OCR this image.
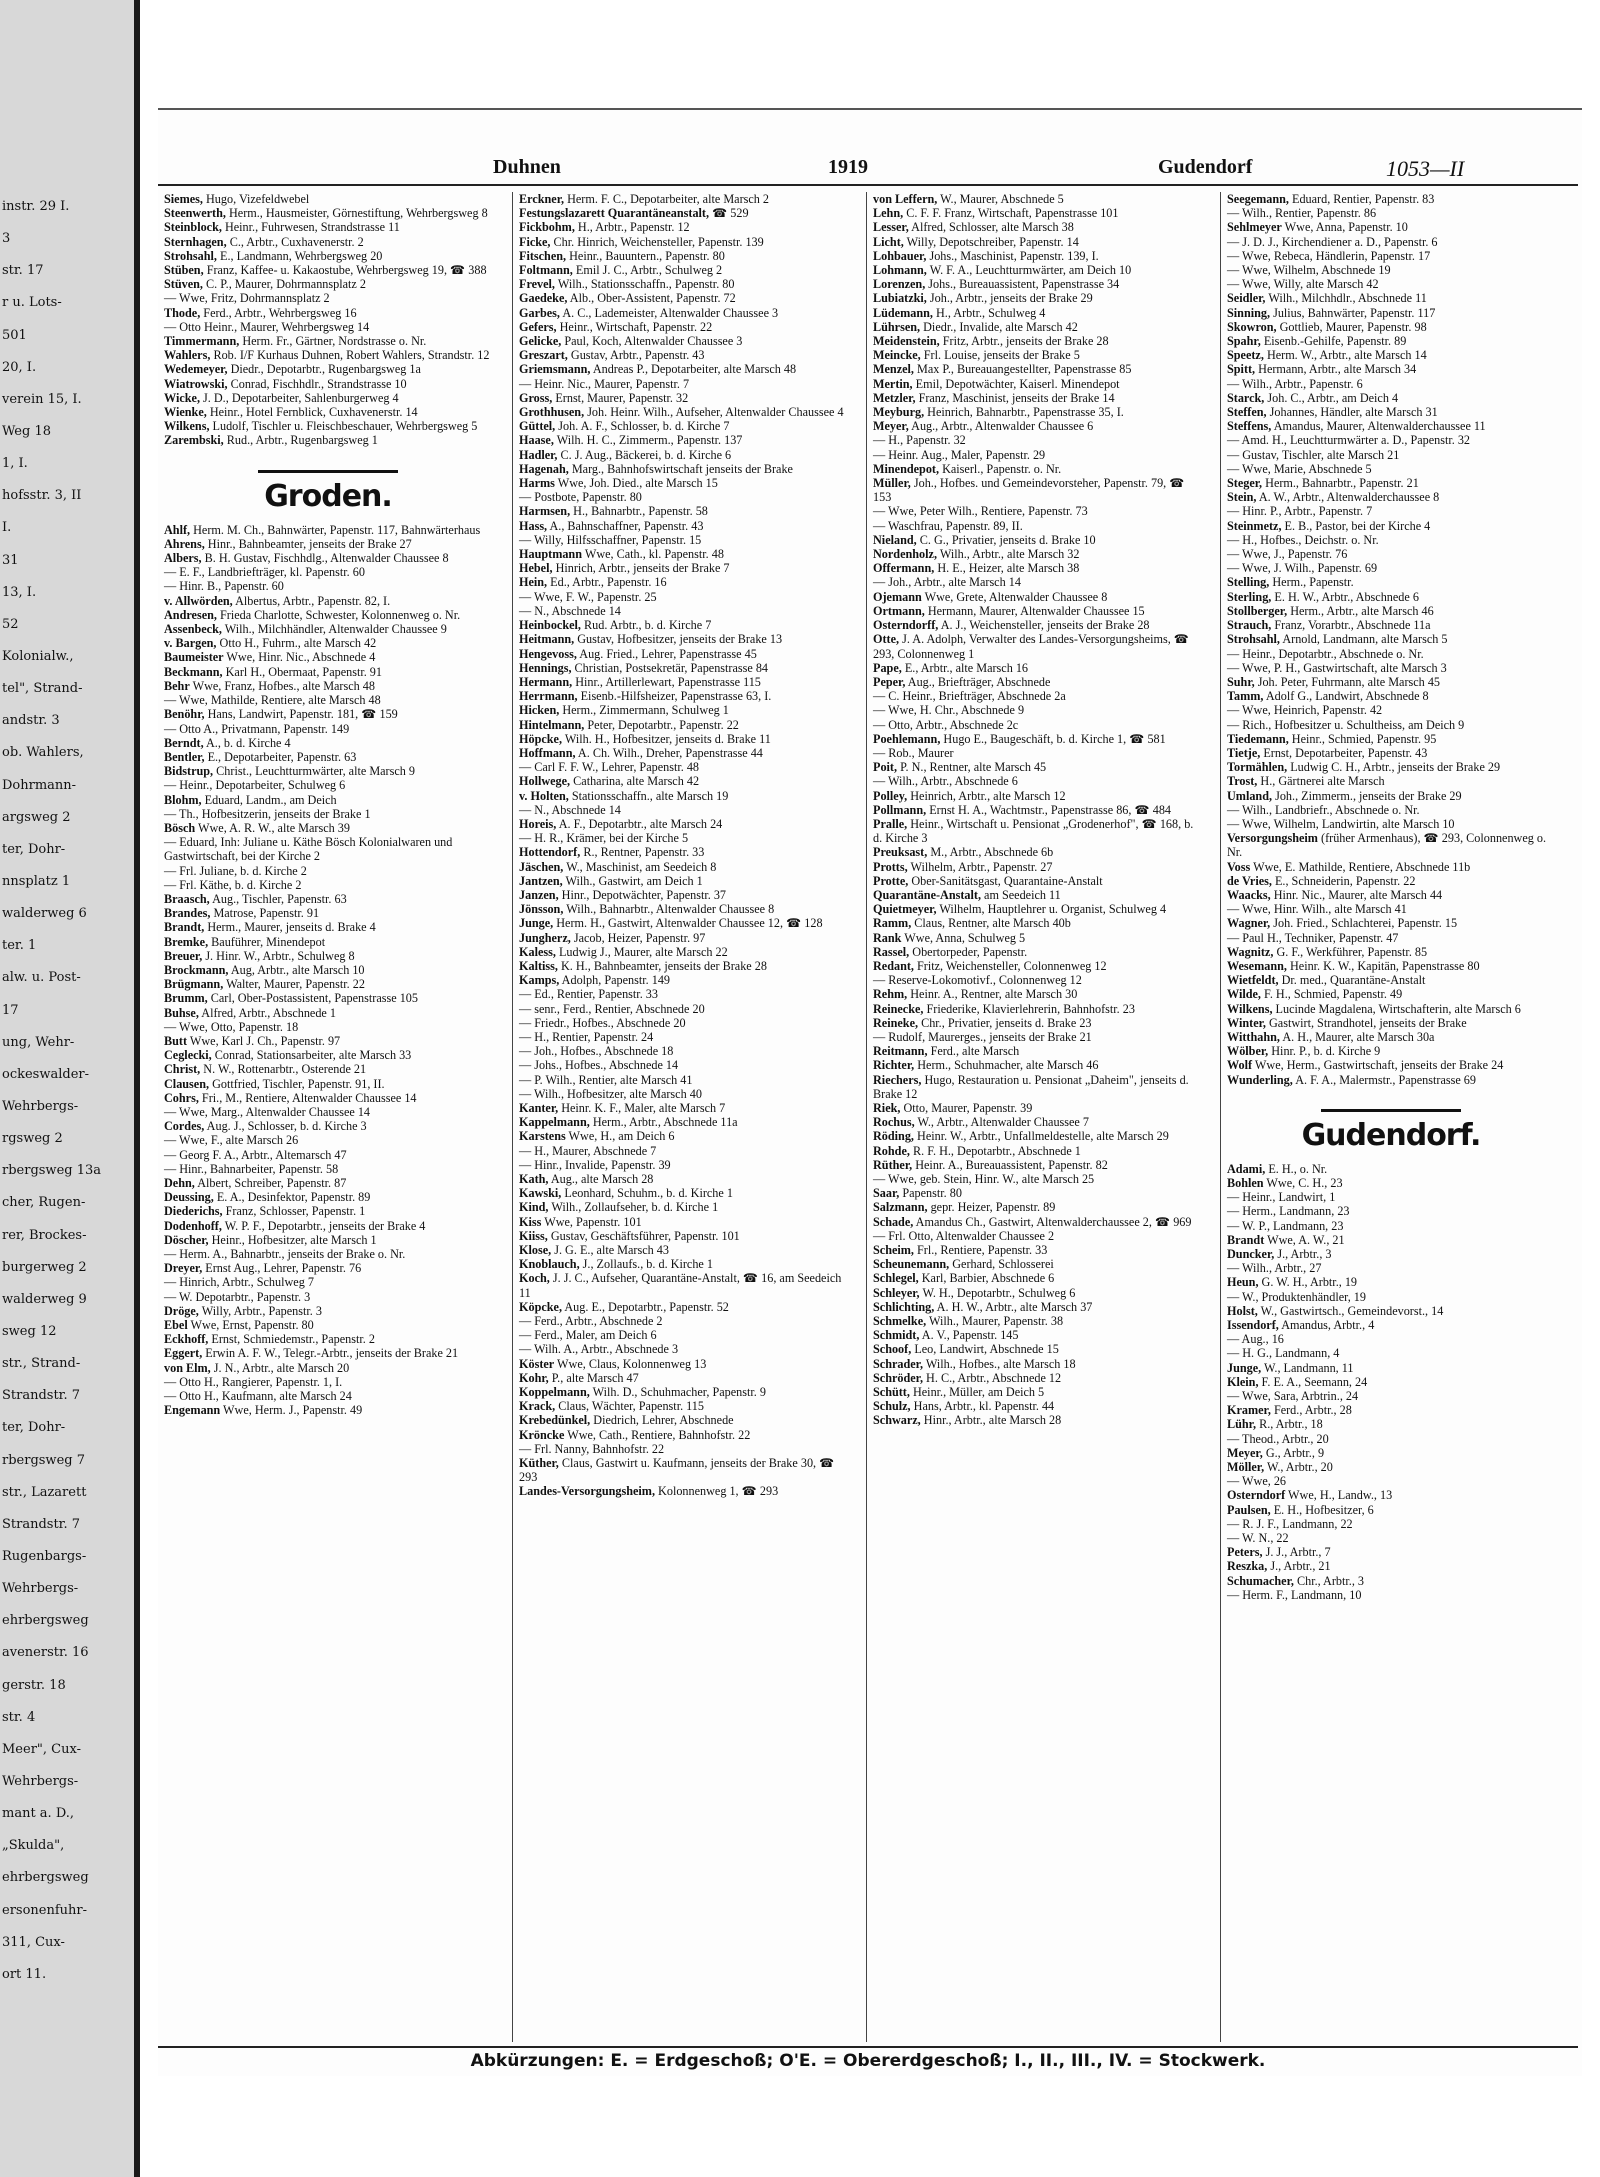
instr. 29 I.
3
str. 17
r u. Lots-
501
20, I.
verein 15, I.
Weg 18
1, I.
hofsstr. 3, II
I.
31
13, I.
52
Kolonialw.,
tel", Strand-
andstr. 3
ob. Wahlers,
Dohrmann-
argsweg 2
ter, Dohr-
nnsplatz 1
walderweg 6
ter. 1
alw. u. Post-
17
ung, Wehr-
ockeswalder-
Wehrbergs-
rgsweg 2
rbergsweg 13a
cher, Rugen-
rer, Brockes-
burgerweg 2
walderweg 9
sweg 12
str., Strand-
Strandstr. 7
ter, Dohr-
rbergsweg 7
str., Lazarett
Strandstr. 7
Rugenbargs-
Wehrbergs-
ehrbergsweg
avenerstr. 16
gerstr. 18
str. 4
Meer", Cux-
Wehrbergs-
mant a. D.,
„Skulda",
ehrbergsweg
ersonenfuhr-
311, Cux-
ort 11.
Duhnen	1919	Gudendorf	1053—II
Siemes, Hugo, Vizefeldwebel
Steenwerth, Herm., Hausmeister, Görnestiftung, Wehrbergsweg 8
Steinblock, Heinr., Fuhrwesen, Strandstrasse 11
Sternhagen, C., Arbtr., Cuxhavenerstr. 2
Strohsahl, E., Landmann, Wehrbergsweg 20
Stüben, Franz, Kaffee- u. Kakaostube, Wehrbergsweg 19, ☎ 388
Stüven, C. P., Maurer, Dohrmannsplatz 2
— Wwe, Fritz, Dohrmannsplatz 2
Thode, Ferd., Arbtr., Wehrbergsweg 16
— Otto Heinr., Maurer, Wehrbergsweg 14
Timmermann, Herm. Fr., Gärtner, Nordstrasse o. Nr.
Wahlers, Rob. I/F Kurhaus Duhnen, Robert Wahlers, Strandstr. 12
Wedemeyer, Diedr., Depotarbtr., Rugenbargsweg 1a
Wiatrowski, Conrad, Fischhdlr., Strandstrasse 10
Wicke, J. D., Depotarbeiter, Sahlenburgerweg 4
Wienke, Heinr., Hotel Fernblick, Cuxhavenerstr. 14
Wilkens, Ludolf, Tischler u. Fleischbeschauer, Wehrbergsweg 5
Zarembski, Rud., Arbtr., Rugenbargsweg 1
Groden.
Ahlf, Herm. M. Ch., Bahnwärter, Papenstr. 117, Bahnwärterhaus
Ahrens, Hinr., Bahnbeamter, jenseits der Brake 27
Albers, B. H. Gustav, Fischhdlg., Altenwalder Chaussee 8
— E. F., Landbriefträger, kl. Papenstr. 60
— Hinr. B., Papenstr. 60
v. Allwörden, Albertus, Arbtr., Papenstr. 82, I.
Andresen, Frieda Charlotte, Schwester, Kolonnenweg o. Nr.
Assenbeck, Wilh., Milchhändler, Altenwalder Chaussee 9
v. Bargen, Otto H., Fuhrm., alte Marsch 42
Baumeister Wwe, Hinr. Nic., Abschnede 4
Beckmann, Karl H., Obermaat, Papenstr. 91
Behr Wwe, Franz, Hofbes., alte Marsch 48
— Wwe, Mathilde, Rentiere, alte Marsch 48
Benöhr, Hans, Landwirt, Papenstr. 181, ☎ 159
— Otto A., Privatmann, Papenstr. 149
Berndt, A., b. d. Kirche 4
Bentler, E., Depotarbeiter, Papenstr. 63
Bidstrup, Christ., Leuchtturmwärter, alte Marsch 9
— Heinr., Depotarbeiter, Schulweg 6
Blohm, Eduard, Landm., am Deich
— Th., Hofbesitzerin, jenseits der Brake 1
Bösch Wwe, A. R. W., alte Marsch 39
— Eduard, Inh: Juliane u. Käthe Bösch Kolonialwaren und Gastwirtschaft, bei der Kirche 2
— Frl. Juliane, b. d. Kirche 2
— Frl. Käthe, b. d. Kirche 2
Braasch, Aug., Tischler, Papenstr. 63
Brandes, Matrose, Papenstr. 91
Brandt, Herm., Maurer, jenseits d. Brake 4
Bremke, Bauführer, Minendepot
Breuer, J. Hinr. W., Arbtr., Schulweg 8
Brockmann, Aug, Arbtr., alte Marsch 10
Brügmann, Walter, Maurer, Papenstr. 22
Brumm, Carl, Ober-Postassistent, Papenstrasse 105
Buhse, Alfred, Arbtr., Abschnede 1
— Wwe, Otto, Papenstr. 18
Butt Wwe, Karl J. Ch., Papenstr. 97
Ceglecki, Conrad, Stationsarbeiter, alte Marsch 33
Christ, N. W., Rottenarbtr., Osterende 21
Clausen, Gottfried, Tischler, Papenstr. 91, II.
Cohrs, Fri., M., Rentiere, Altenwalder Chaussee 14
— Wwe, Marg., Altenwalder Chaussee 14
Cordes, Aug. J., Schlosser, b. d. Kirche 3
— Wwe, F., alte Marsch 26
— Georg F. A., Arbtr., Altemarsch 47
— Hinr., Bahnarbeiter, Papenstr. 58
Dehn, Albert, Schreiber, Papenstr. 87
Deussing, E. A., Desinfektor, Papenstr. 89
Diederichs, Franz, Schlosser, Papenstr. 1
Dodenhoff, W. P. F., Depotarbtr., jenseits der Brake 4
Döscher, Heinr., Hofbesitzer, alte Marsch 1
— Herm. A., Bahnarbtr., jenseits der Brake o. Nr.
Dreyer, Ernst Aug., Lehrer, Papenstr. 76
— Hinrich, Arbtr., Schulweg 7
— W. Depotarbtr., Papenstr. 3
Dröge, Willy, Arbtr., Papenstr. 3
Ebel Wwe, Ernst, Papenstr. 80
Eckhoff, Ernst, Schmiedemstr., Papenstr. 2
Eggert, Erwin A. F. W., Telegr.-Arbtr., jenseits der Brake 21
von Elm, J. N., Arbtr., alte Marsch 20
— Otto H., Rangierer, Papenstr. 1, I.
— Otto H., Kaufmann, alte Marsch 24
Engemann Wwe, Herm. J., Papenstr. 49
Erckner, Herm. F. C., Depotarbeiter, alte Marsch 2
Festungslazarett Quarantäneanstalt, ☎ 529
Fickbohm, H., Arbtr., Papenstr. 12
Ficke, Chr. Hinrich, Weichensteller, Papenstr. 139
Fitschen, Heinr., Bauuntern., Papenstr. 80
Foltmann, Emil J. C., Arbtr., Schulweg 2
Frevel, Wilh., Stationsschaffn., Papenstr. 80
Gaedeke, Alb., Ober-Assistent, Papenstr. 72
Garbes, A. C., Lademeister, Altenwalder Chaussee 3
Gefers, Heinr., Wirtschaft, Papenstr. 22
Gelicke, Paul, Koch, Altenwalder Chaussee 3
Greszart, Gustav, Arbtr., Papenstr. 43
Griemsmann, Andreas P., Depotarbeiter, alte Marsch 48
— Heinr. Nic., Maurer, Papenstr. 7
Gross, Ernst, Maurer, Papenstr. 32
Grothhusen, Joh. Heinr. Wilh., Aufseher, Altenwalder Chaussee 4
Güttel, Joh. A. F., Schlosser, b. d. Kirche 7
Haase, Wilh. H. C., Zimmerm., Papenstr. 137
Hadler, C. J. Aug., Bäckerei, b. d. Kirche 6
Hagenah, Marg., Bahnhofswirtschaft jenseits der Brake
Harms Wwe, Joh. Died., alte Marsch 15
— Postbote, Papenstr. 80
Harmsen, H., Bahnarbtr., Papenstr. 58
Hass, A., Bahnschaffner, Papenstr. 43
— Willy, Hilfsschaffner, Papenstr. 15
Hauptmann Wwe, Cath., kl. Papenstr. 48
Hebel, Hinrich, Arbtr., jenseits der Brake 7
Hein, Ed., Arbtr., Papenstr. 16
— Wwe, F. W., Papenstr. 25
— N., Abschnede 14
Heinbockel, Rud. Arbtr., b. d. Kirche 7
Heitmann, Gustav, Hofbesitzer, jenseits der Brake 13
Hengevoss, Aug. Fried., Lehrer, Papenstrasse 45
Hennings, Christian, Postsekretär, Papenstrasse 84
Hermann, Hinr., Artillerlewart, Papenstrasse 115
Herrmann, Eisenb.-Hilfsheizer, Papenstrasse 63, I.
Hicken, Herm., Zimmermann, Schulweg 1
Hintelmann, Peter, Depotarbtr., Papenstr. 22
Höpcke, Wilh. H., Hofbesitzer, jenseits d. Brake 11
Hoffmann, A. Ch. Wilh., Dreher, Papenstrasse 44
— Carl F. F. W., Lehrer, Papenstr. 48
Hollwege, Catharina, alte Marsch 42
v. Holten, Stationsschaffn., alte Marsch 19
— N., Abschnede 14
Horeis, A. F., Depotarbtr., alte Marsch 24
— H. R., Krämer, bei der Kirche 5
Hottendorf, R., Rentner, Papenstr. 33
Jäschen, W., Maschinist, am Seedeich 8
Jantzen, Wilh., Gastwirt, am Deich 1
Janzen, Hinr., Depotwächter, Papenstr. 37
Jönsson, Wilh., Bahnarbtr., Altenwalder Chaussee 8
Junge, Herm. H., Gastwirt, Altenwalder Chaussee 12, ☎ 128
Jungherz, Jacob, Heizer, Papenstr. 97
Kaless, Ludwig J., Maurer, alte Marsch 22
Kaltiss, K. H., Bahnbeamter, jenseits der Brake 28
Kamps, Adolph, Papenstr. 149
— Ed., Rentier, Papenstr. 33
— senr., Ferd., Rentier, Abschnede 20
— Friedr., Hofbes., Abschnede 20
— H., Rentier, Papenstr. 24
— Joh., Hofbes., Abschnede 18
— Johs., Hofbes., Abschnede 14
— P. Wilh., Rentier, alte Marsch 41
— Wilh., Hofbesitzer, alte Marsch 40
Kanter, Heinr. K. F., Maler, alte Marsch 7
Kappelmann, Herm., Arbtr., Abschnede 11a
Karstens Wwe, H., am Deich 6
— H., Maurer, Abschnede 7
— Hinr., Invalide, Papenstr. 39
Kath, Aug., alte Marsch 28
Kawski, Leonhard, Schuhm., b. d. Kirche 1
Kind, Wilh., Zollaufseher, b. d. Kirche 1
Kiss Wwe, Papenstr. 101
Kiiss, Gustav, Geschäftsführer, Papenstr. 101
Klose, J. G. E., alte Marsch 43
Knoblauch, J., Zollaufs., b. d. Kirche 1
Koch, J. J. C., Aufseher, Quarantäne-Anstalt, ☎ 16, am Seedeich 11
Köpcke, Aug. E., Depotarbtr., Papenstr. 52
— Ferd., Arbtr., Abschnede 2
— Ferd., Maler, am Deich 6
— Wilh. A., Arbtr., Abschnede 3
Köster Wwe, Claus, Kolonnenweg 13
Kohr, P., alte Marsch 47
Koppelmann, Wilh. D., Schuhmacher, Papenstr. 9
Krack, Claus, Wächter, Papenstr. 115
Krebedünkel, Diedrich, Lehrer, Abschnede
Kröncke Wwe, Cath., Rentiere, Bahnhofstr. 22
— Frl. Nanny, Bahnhofstr. 22
Küther, Claus, Gastwirt u. Kaufmann, jenseits der Brake 30, ☎ 293
Landes-Versorgungsheim, Kolonnenweg 1, ☎ 293
von Leffern, W., Maurer, Abschnede 5
Lehn, C. F. F. Franz, Wirtschaft, Papenstrasse 101
Lesser, Alfred, Schlosser, alte Marsch 38
Licht, Willy, Depotschreiber, Papenstr. 14
Lohbauer, Johs., Maschinist, Papenstr. 139, I.
Lohmann, W. F. A., Leuchtturmwärter, am Deich 10
Lorenzen, Johs., Bureauassistent, Papenstrasse 34
Lubiatzki, Joh., Arbtr., jenseits der Brake 29
Lüdemann, H., Arbtr., Schulweg 4
Lührsen, Diedr., Invalide, alte Marsch 42
Meidenstein, Fritz, Arbtr., jenseits der Brake 28
Meincke, Frl. Louise, jenseits der Brake 5
Menzel, Max P., Bureauangestellter, Papenstrasse 85
Mertin, Emil, Depotwächter, Kaiserl. Minendepot
Metzler, Franz, Maschinist, jenseits der Brake 14
Meyburg, Heinrich, Bahnarbtr., Papenstrasse 35, I.
Meyer, Aug., Arbtr., Altenwalder Chaussee 6
— H., Papenstr. 32
— Heinr. Aug., Maler, Papenstr. 29
Minendepot, Kaiserl., Papenstr. o. Nr.
Müller, Joh., Hofbes. und Gemeindevorsteher, Papenstr. 79, ☎ 153
— Wwe, Peter Wilh., Rentiere, Papenstr. 73
— Waschfrau, Papenstr. 89, II.
Nieland, C. G., Privatier, jenseits d. Brake 10
Nordenholz, Wilh., Arbtr., alte Marsch 32
Offermann, H. E., Heizer, alte Marsch 38
— Joh., Arbtr., alte Marsch 14
Ojemann Wwe, Grete, Altenwalder Chaussee 8
Ortmann, Hermann, Maurer, Altenwalder Chaussee 15
Osterndorff, A. J., Weichensteller, jenseits der Brake 28
Otte, J. A. Adolph, Verwalter des Landes-Versorgungsheims, ☎ 293, Colonnenweg 1
Pape, E., Arbtr., alte Marsch 16
Peper, Aug., Briefträger, Abschnede
— C. Heinr., Briefträger, Abschnede 2a
— Wwe, H. Chr., Abschnede 9
— Otto, Arbtr., Abschnede 2c
Poehlemann, Hugo E., Baugeschäft, b. d. Kirche 1, ☎ 581
— Rob., Maurer
Poit, P. N., Rentner, alte Marsch 45
— Wilh., Arbtr., Abschnede 6
Polley, Heinrich, Arbtr., alte Marsch 12
Pollmann, Ernst H. A., Wachtmstr., Papenstrasse 86, ☎ 484
Pralle, Heinr., Wirtschaft u. Pensionat „Grodenerhof", ☎ 168, b. d. Kirche 3
Preuksast, M., Arbtr., Abschnede 6b
Protts, Wilhelm, Arbtr., Papenstr. 27
Protte, Ober-Sanitätsgast, Quarantaine-Anstalt
Quarantäne-Anstalt, am Seedeich 11
Quietmeyer, Wilhelm, Hauptlehrer u. Organist, Schulweg 4
Ramm, Claus, Rentner, alte Marsch 40b
Rank Wwe, Anna, Schulweg 5
Rassel, Obertorpeder, Papenstr.
Redant, Fritz, Weichensteller, Colonnenweg 12
— Reserve-Lokomotivf., Colonnenweg 12
Rehm, Heinr. A., Rentner, alte Marsch 30
Reinecke, Friederike, Klavierlehrerin, Bahnhofstr. 23
Reineke, Chr., Privatier, jenseits d. Brake 23
— Rudolf, Maurerges., jenseits der Brake 21
Reitmann, Ferd., alte Marsch
Richter, Herm., Schuhmacher, alte Marsch 46
Riechers, Hugo, Restauration u. Pensionat „Daheim", jenseits d. Brake 12
Riek, Otto, Maurer, Papenstr. 39
Rochus, W., Arbtr., Altenwalder Chaussee 7
Röding, Heinr. W., Arbtr., Unfallmeldestelle, alte Marsch 29
Rohde, R. F. H., Depotarbtr., Abschnede 1
Rüther, Heinr. A., Bureauassistent, Papenstr. 82
— Wwe, geb. Stein, Hinr. W., alte Marsch 25
Saar, Papenstr. 80
Salzmann, gepr. Heizer, Papenstr. 89
Schade, Amandus Ch., Gastwirt, Altenwalderchaussee 2, ☎ 969
— Frl. Otto, Altenwalder Chaussee 2
Scheim, Frl., Rentiere, Papenstr. 33
Scheunemann, Gerhard, Schlosserei
Schlegel, Karl, Barbier, Abschnede 6
Schleyer, W. H., Depotarbtr., Schulweg 6
Schlichting, A. H. W., Arbtr., alte Marsch 37
Schmelke, Wilh., Maurer, Papenstr. 38
Schmidt, A. V., Papenstr. 145
Schoof, Leo, Landwirt, Abschnede 15
Schrader, Wilh., Hofbes., alte Marsch 18
Schröder, H. C., Arbtr., Abschnede 12
Schütt, Heinr., Müller, am Deich 5
Schulz, Hans, Arbtr., kl. Papenstr. 44
Schwarz, Hinr., Arbtr., alte Marsch 28
Seegemann, Eduard, Rentier, Papenstr. 83
— Wilh., Rentier, Papenstr. 86
Sehlmeyer Wwe, Anna, Papenstr. 10
— J. D. J., Kirchendiener a. D., Papenstr. 6
— Wwe, Rebeca, Händlerin, Papenstr. 17
— Wwe, Wilhelm, Abschnede 19
— Wwe, Willy, alte Marsch 42
Seidler, Wilh., Milchhdlr., Abschnede 11
Sinning, Julius, Bahnwärter, Papenstr. 117
Skowron, Gottlieb, Maurer, Papenstr. 98
Spahr, Eisenb.-Gehilfe, Papenstr. 89
Speetz, Herm. W., Arbtr., alte Marsch 14
Spitt, Hermann, Arbtr., alte Marsch 34
— Wilh., Arbtr., Papenstr. 6
Starck, Joh. C., Arbtr., am Deich 4
Steffen, Johannes, Händler, alte Marsch 31
Steffens, Amandus, Maurer, Altenwalderchaussee 11
— Amd. H., Leuchtturmwärter a. D., Papenstr. 32
— Gustav, Tischler, alte Marsch 21
— Wwe, Marie, Abschnede 5
Steger, Herm., Bahnarbtr., Papenstr. 21
Stein, A. W., Arbtr., Altenwalderchaussee 8
— Hinr. P., Arbtr., Papenstr. 7
Steinmetz, E. B., Pastor, bei der Kirche 4
— H., Hofbes., Deichstr. o. Nr.
— Wwe, J., Papenstr. 76
— Wwe, J. Wilh., Papenstr. 69
Stelling, Herm., Papenstr.
Sterling, E. H. W., Arbtr., Abschnede 6
Stollberger, Herm., Arbtr., alte Marsch 46
Strauch, Franz, Vorarbtr., Abschnede 11a
Strohsahl, Arnold, Landmann, alte Marsch 5
— Heinr., Depotarbtr., Abschnede o. Nr.
— Wwe, P. H., Gastwirtschaft, alte Marsch 3
Suhr, Joh. Peter, Fuhrmann, alte Marsch 45
Tamm, Adolf G., Landwirt, Abschnede 8
— Wwe, Heinrich, Papenstr. 42
— Rich., Hofbesitzer u. Schultheiss, am Deich 9
Tiedemann, Heinr., Schmied, Papenstr. 95
Tietje, Ernst, Depotarbeiter, Papenstr. 43
Tormählen, Ludwig C. H., Arbtr., jenseits der Brake 29
Trost, H., Gärtnerei alte Marsch
Umland, Joh., Zimmerm., jenseits der Brake 29
— Wilh., Landbriefr., Abschnede o. Nr.
— Wwe, Wilhelm, Landwirtin, alte Marsch 10
Versorgungsheim (früher Armenhaus), ☎ 293, Colonnenweg o. Nr.
Voss Wwe, E. Mathilde, Rentiere, Abschnede 11b
de Vries, E., Schneiderin, Papenstr. 22
Waacks, Hinr. Nic., Maurer, alte Marsch 44
— Wwe, Hinr. Wilh., alte Marsch 41
Wagner, Joh. Fried., Schlachterei, Papenstr. 15
— Paul H., Techniker, Papenstr. 47
Wagnitz, G. F., Werkführer, Papenstr. 85
Wesemann, Heinr. K. W., Kapitän, Papenstrasse 80
Wietfeldt, Dr. med., Quarantäne-Anstalt
Wilde, F. H., Schmied, Papenstr. 49
Wilkens, Lucinde Magdalena, Wirtschafterin, alte Marsch 6
Winter, Gastwirt, Strandhotel, jenseits der Brake
Witthahn, A. H., Maurer, alte Marsch 30a
Wölber, Hinr. P., b. d. Kirche 9
Wolf Wwe, Herm., Gastwirtschaft, jenseits der Brake 24
Wunderling, A. F. A., Malermstr., Papenstrasse 69
Gudendorf.
Adami, E. H., o. Nr.
Bohlen Wwe, C. H., 23
— Heinr., Landwirt, 1
— Herm., Landmann, 23
— W. P., Landmann, 23
Brandt Wwe, A. W., 21
Duncker, J., Arbtr., 3
— Wilh., Arbtr., 27
Heun, G. W. H., Arbtr., 19
— W., Produktenhändler, 19
Holst, W., Gastwirtsch., Gemeindevorst., 14
Issendorf, Amandus, Arbtr., 4
— Aug., 16
— H. G., Landmann, 4
Junge, W., Landmann, 11
Klein, F. E. A., Seemann, 24
— Wwe, Sara, Arbtrin., 24
Kramer, Ferd., Arbtr., 28
Lühr, R., Arbtr., 18
— Theod., Arbtr., 20
Meyer, G., Arbtr., 9
Möller, W., Arbtr., 20
— Wwe, 26
Osterndorf Wwe, H., Landw., 13
Paulsen, E. H., Hofbesitzer, 6
— R. J. F., Landmann, 22
— W. N., 22
Peters, J. J., Arbtr., 7
Reszka, J., Arbtr., 21
Schumacher, Chr., Arbtr., 3
— Herm. F., Landmann, 10
Abkürzungen: E. = Erdgeschoß; O'E. = Obererdgeschoß; I., II., III., IV. = Stockwerk.
